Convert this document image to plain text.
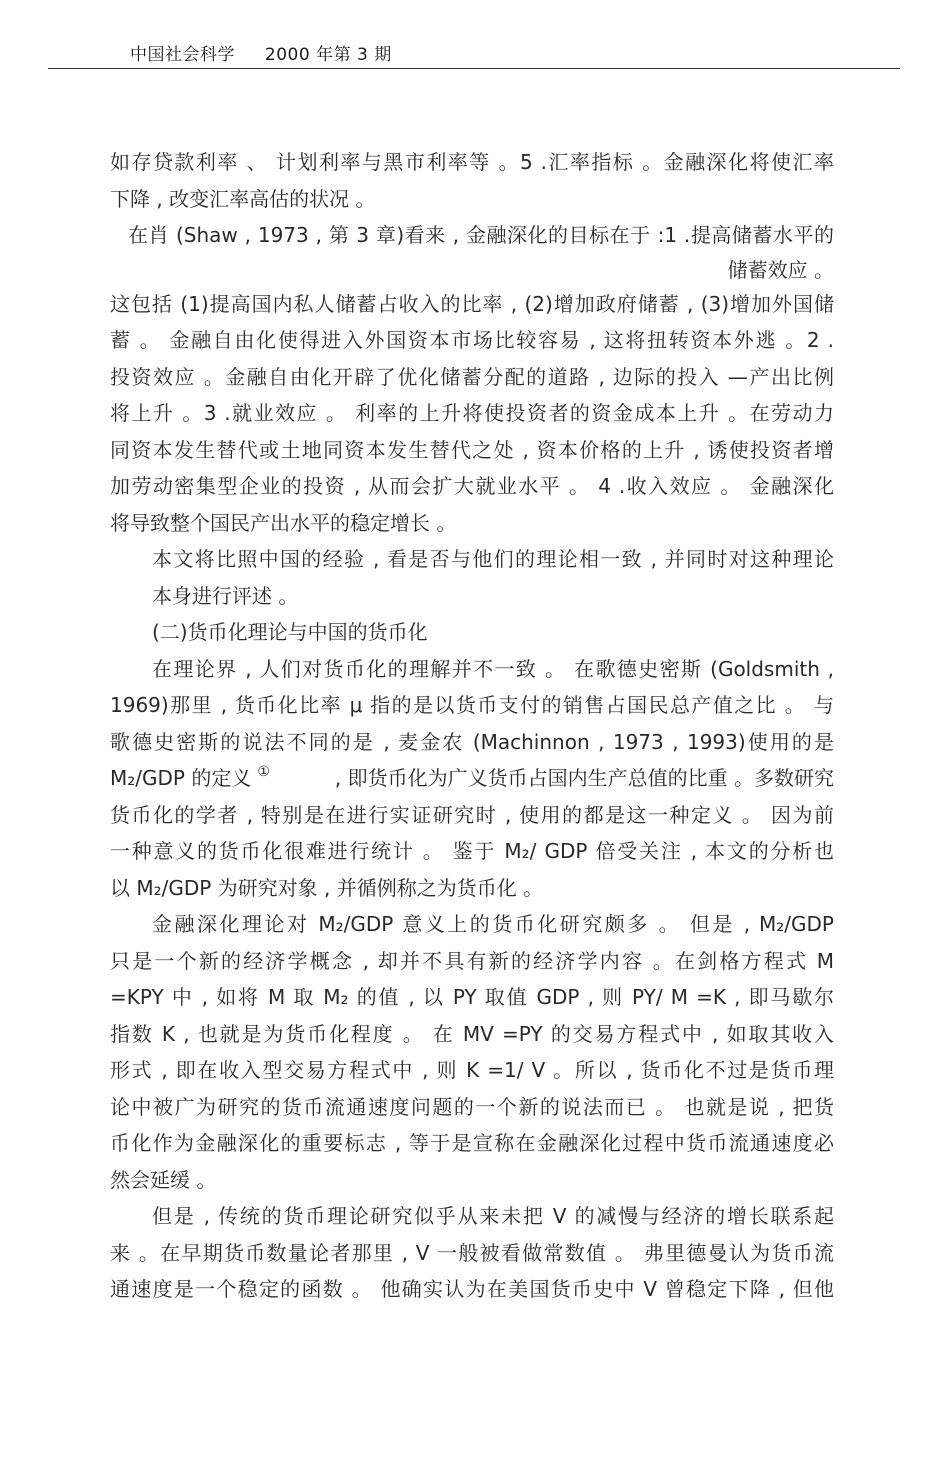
中国社会科学 2000 年第 3 期
如存贷款利率 、 计划利率与黑市利率等 。5 .汇率指标 。金融深化将使汇率
下降 , 改变汇率高估的状况 。
在肖 (Shaw , 1973 , 第 3 章)看来 , 金融深化的目标在于 :1 .提高储蓄水平的
储蓄效应 。
这包括 (1)提高国内私人储蓄占收入的比率 , (2)增加政府储蓄 , (3)增加外国储
蓄 。 金融自由化使得进入外国资本市场比较容易 , 这将扭转资本外逃 。2 .
投资效应 。金融自由化开辟了优化储蓄分配的道路 , 边际的投入 —产出比例
将上升 。3 .就业效应 。 利率的上升将使投资者的资金成本上升 。在劳动力
同资本发生替代或土地同资本发生替代之处 , 资本价格的上升 , 诱使投资者增
加劳动密集型企业的投资 , 从而会扩大就业水平 。 4 .收入效应 。 金融深化
将导致整个国民产出水平的稳定增长 。
本文将比照中国的经验 , 看是否与他们的理论相一致 , 并同时对这种理论
本身进行评述 。
(二)货币化理论与中国的货币化
在理论界 , 人们对货币化的理解并不一致 。 在歌德史密斯 (Goldsmith ,
1969)那里 , 货币化比率 μ 指的是以货币支付的销售占国民总产值之比 。 与
歌德史密斯的说法不同的是 , 麦金农 (Machinnon , 1973 , 1993)使用的是
M₂/GDP 的定义 ①	, 即货币化为广义货币占国内生产总值的比重 。多数研究
货币化的学者 , 特别是在进行实证研究时 , 使用的都是这一种定义 。 因为前
一种意义的货币化很难进行统计 。 鉴于 M₂/ GDP 倍受关注 , 本文的分析也
以 M₂/GDP 为研究对象 , 并循例称之为货币化 。
金融深化理论对 M₂/GDP 意义上的货币化研究颇多 。 但是 , M₂/GDP
只是一个新的经济学概念 , 却并不具有新的经济学内容 。在剑格方程式 M
=KPY 中 , 如将 M 取 M₂ 的值 , 以 PY 取值 GDP , 则 PY/ M =K , 即马歇尔
指数 K , 也就是为货币化程度 。 在 MV =PY 的交易方程式中 , 如取其收入
形式 , 即在收入型交易方程式中 , 则 K =1/ V 。所以 , 货币化不过是货币理
论中被广为研究的货币流通速度问题的一个新的说法而已 。 也就是说 , 把货
币化作为金融深化的重要标志 , 等于是宣称在金融深化过程中货币流通速度必
然会延缓 。
但是 , 传统的货币理论研究似乎从来未把 V 的减慢与经济的增长联系起
来 。在早期货币数量论者那里 , V 一般被看做常数值 。 弗里德曼认为货币流
通速度是一个稳定的函数 。 他确实认为在美国货币史中 V 曾稳定下降 , 但他
